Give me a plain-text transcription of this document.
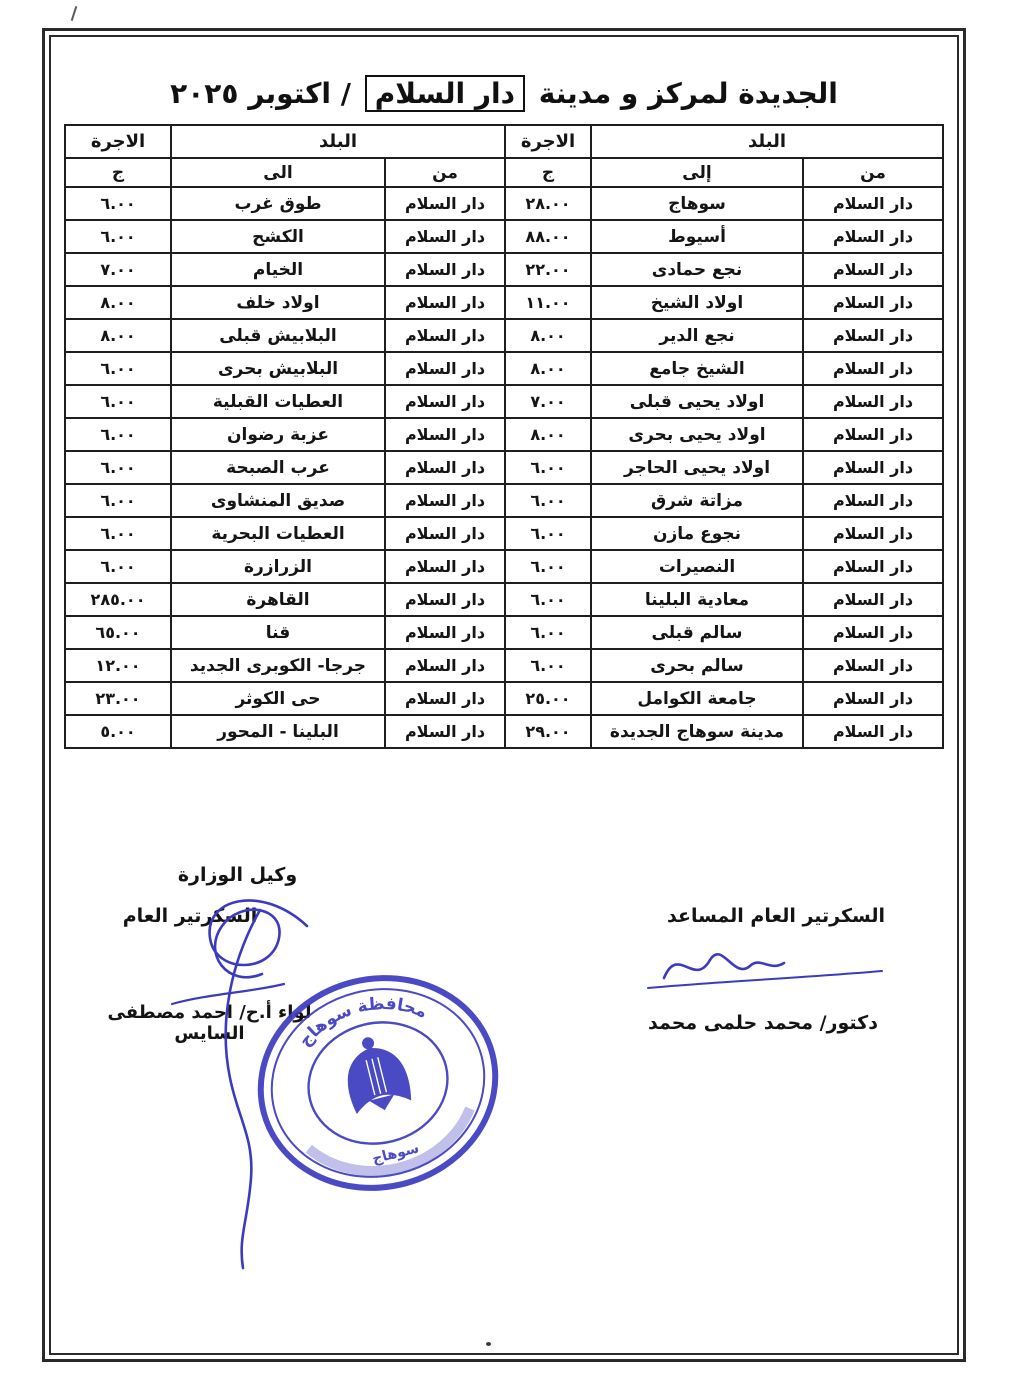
الجديدة لمركز و مدينة دار السلام / اكتوبر ٢٠٢٥
البلد		الاجرة	البلد		الاجرة
من	إلى	ج	من	الى	ج
دار السلام	سوهاج	٢٨.٠٠	دار السلام	طوق غرب	٦.٠٠
دار السلام	أسيوط	٨٨.٠٠	دار السلام	الكشح	٦.٠٠
دار السلام	نجع حمادى	٢٢.٠٠	دار السلام	الخيام	٧.٠٠
دار السلام	اولاد الشيخ	١١.٠٠	دار السلام	اولاد خلف	٨.٠٠
دار السلام	نجع الدير	٨.٠٠	دار السلام	البلابيش قبلى	٨.٠٠
دار السلام	الشيخ جامع	٨.٠٠	دار السلام	البلابيش بحرى	٦.٠٠
دار السلام	اولاد يحيى قبلى	٧.٠٠	دار السلام	العطيات القبلية	٦.٠٠
دار السلام	اولاد يحيى بحرى	٨.٠٠	دار السلام	عزبة رضوان	٦.٠٠
دار السلام	اولاد يحيى الحاجر	٦.٠٠	دار السلام	عرب الصبحة	٦.٠٠
دار السلام	مزاتة شرق	٦.٠٠	دار السلام	صديق المنشاوى	٦.٠٠
دار السلام	نجوع مازن	٦.٠٠	دار السلام	العطيات البحرية	٦.٠٠
دار السلام	النصيرات	٦.٠٠	دار السلام	الزرازرة	٦.٠٠
دار السلام	معادية البلينا	٦.٠٠	دار السلام	القاهرة	٢٨٥.٠٠
دار السلام	سالم قبلى	٦.٠٠	دار السلام	قنا	٦٥.٠٠
دار السلام	سالم بحرى	٦.٠٠	دار السلام	جرجا- الكوبرى الجديد	١٢.٠٠
دار السلام	جامعة الكوامل	٢٥.٠٠	دار السلام	حى الكوثر	٢٣.٠٠
دار السلام	مدينة سوهاج الجديدة	٢٩.٠٠	دار السلام	البلينا - المحور	٥.٠٠
السكرتير العام المساعد
دكتور/ محمد حلمى محمد
وكيل الوزارة
السكرتير العام
لواء أ.ح/ احمد مصطفى السايس	محافظة سوهاج
سوهاج
